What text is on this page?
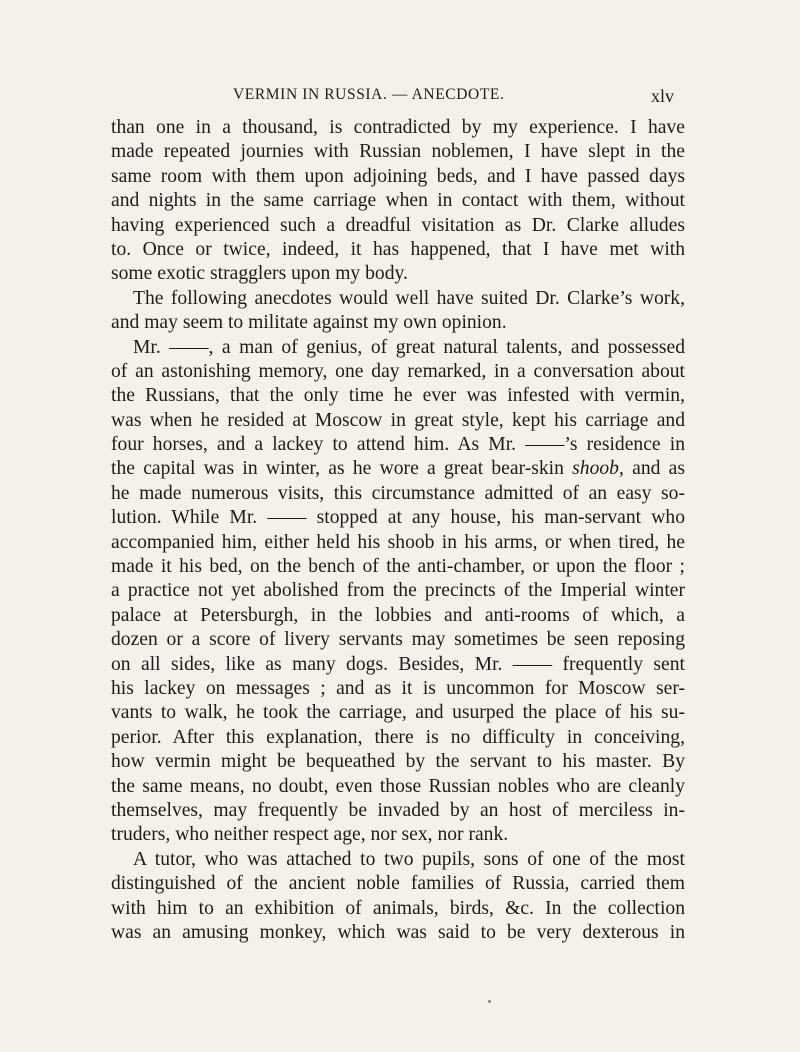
VERMIN IN RUSSIA. — ANECDOTE.	xlv
than one in a thousand, is contradicted by my experience. I have
made repeated journies with Russian noblemen, I have slept in the
same room with them upon adjoining beds, and I have passed days
and nights in the same carriage when in contact with them, without
having experienced such a dreadful visitation as Dr. Clarke alludes
to. Once or twice, indeed, it has happened, that I have met with
some exotic stragglers upon my body.
The following anecdotes would well have suited Dr. Clarke’s work,
and may seem to militate against my own opinion.
Mr. ——, a man of genius, of great natural talents, and possessed
of an astonishing memory, one day remarked, in a conversation about
the Russians, that the only time he ever was infested with vermin,
was when he resided at Moscow in great style, kept his carriage and
four horses, and a lackey to attend him. As Mr. ——’s residence in
the capital was in winter, as he wore a great bear-skin shoob, and as
he made numerous visits, this circumstance admitted of an easy so-
lution. While Mr. —— stopped at any house, his man-servant who
accompanied him, either held his shoob in his arms, or when tired, he
made it his bed, on the bench of the anti-chamber, or upon the floor ;
a practice not yet abolished from the precincts of the Imperial winter
palace at Petersburgh, in the lobbies and anti-rooms of which, a
dozen or a score of livery servants may sometimes be seen reposing
on all sides, like as many dogs. Besides, Mr. —— frequently sent
his lackey on messages ; and as it is uncommon for Moscow ser-
vants to walk, he took the carriage, and usurped the place of his su-
perior. After this explanation, there is no difficulty in conceiving,
how vermin might be bequeathed by the servant to his master. By
the same means, no doubt, even those Russian nobles who are cleanly
themselves, may frequently be invaded by an host of merciless in-
truders, who neither respect age, nor sex, nor rank.
A tutor, who was attached to two pupils, sons of one of the most
distinguished of the ancient noble families of Russia, carried them
with him to an exhibition of animals, birds, &c. In the collection
was an amusing monkey, which was said to be very dexterous in
